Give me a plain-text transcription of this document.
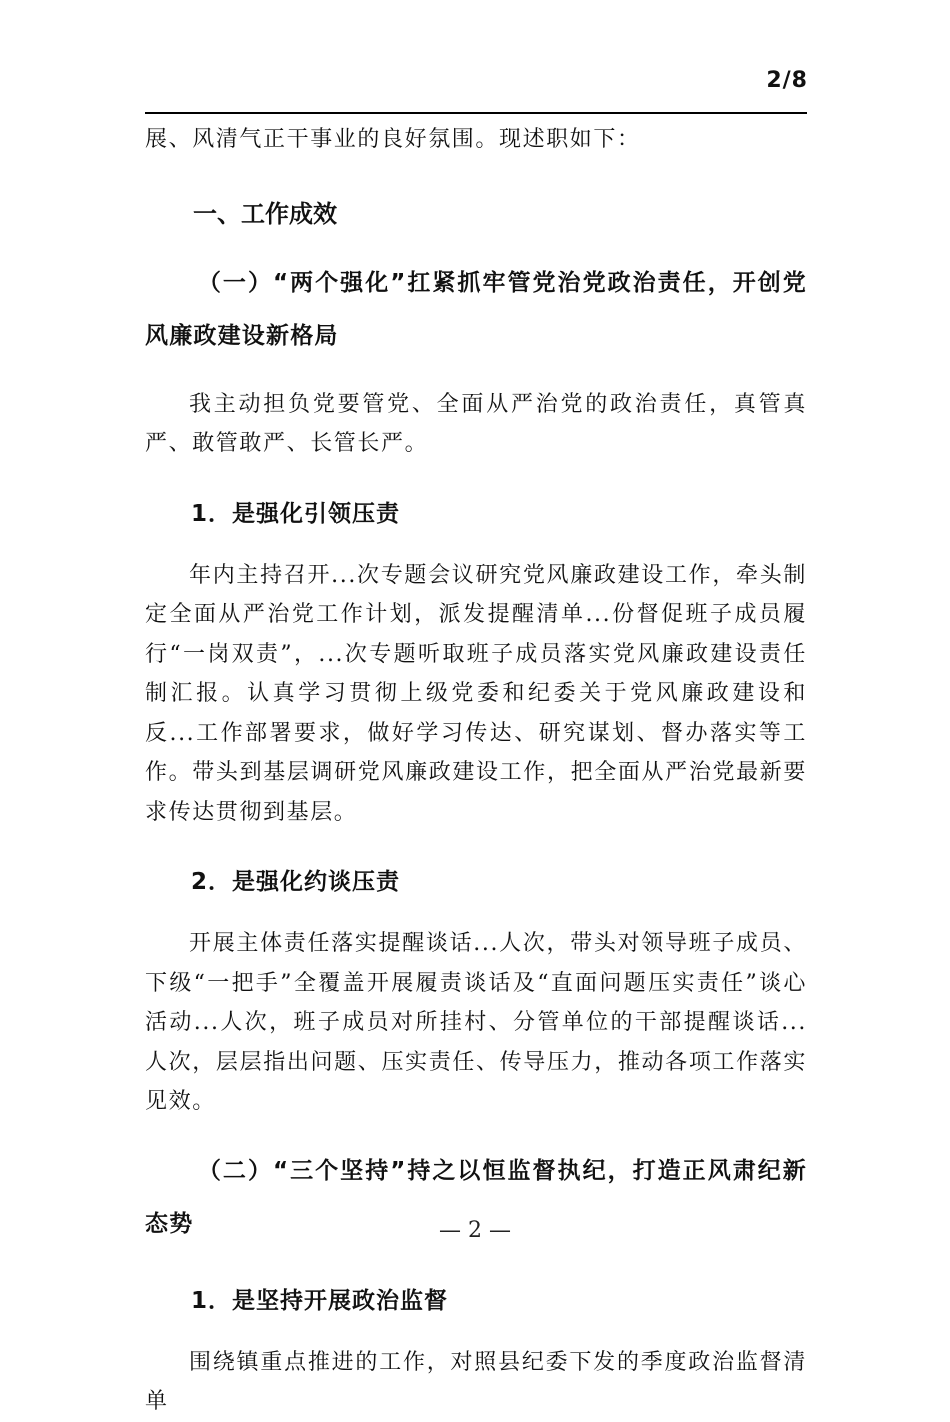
2/8

展、风清气正干事业的良好氛围。现述职如下：

一、工作成效
（一）“两个强化”扛紧抓牢管党治党政治责任，开创党风廉政建设新格局

我主动担负党要管党、全面从严治党的政治责任，真管真严、敢管敢严、长管长严。

1．是强化引领压责

年内主持召开...次专题会议研究党风廉政建设工作，牵头制定全面从严治党工作计划，派发提醒清单...份督促班子成员履行“一岗双责”，...次专题听取班子成员落实党风廉政建设责任制汇报。认真学习贯彻上级党委和纪委关于党风廉政建设和反...工作部署要求，做好学习传达、研究谋划、督办落实等工作。带头到基层调研党风廉政建设工作，把全面从严治党最新要求传达贯彻到基层。

2．是强化约谈压责

开展主体责任落实提醒谈话...人次，带头对领导班子成员、下级“一把手”全覆盖开展履责谈话及“直面问题压实责任”谈心活动...人次，班子成员对所挂村、分管单位的干部提醒谈话...人次，层层指出问题、压实责任、传导压力，推动各项工作落实见效。

（二）“三个坚持”持之以恒监督执纪，打造正风肃纪新态势
1．是坚持开展政治监督

围绕镇重点推进的工作，对照县纪委下发的季度政治监督清单

— 2 —
